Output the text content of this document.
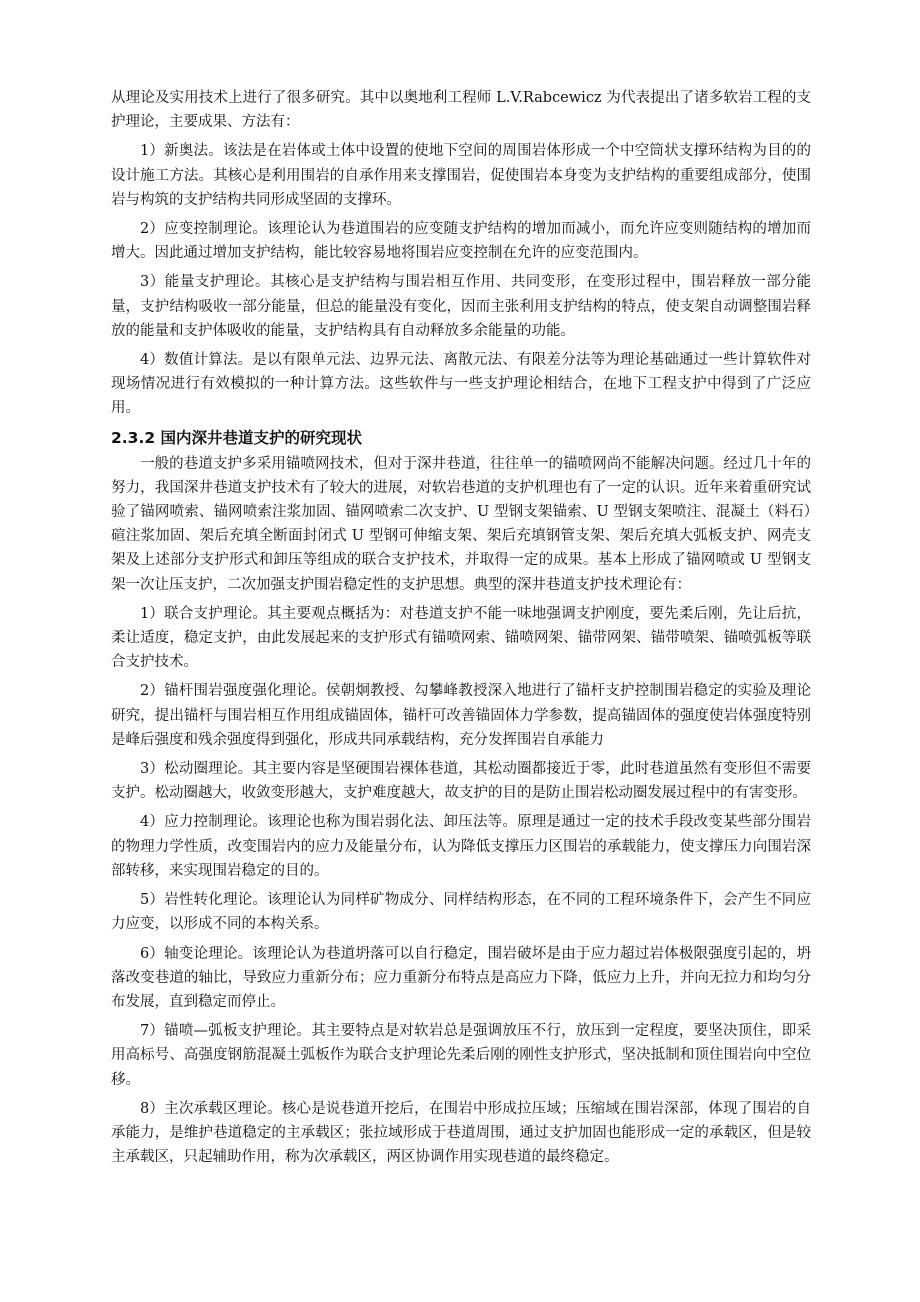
从理论及实用技术上进行了很多研究。其中以奥地利工程师 L.V.Rabcewicz 为代表提出了诸多软岩工程的支护理论，主要成果、方法有：

1）新奥法。该法是在岩体或土体中设置的使地下空间的周围岩体形成一个中空筒状支撑环结构为目的的设计施工方法。其核心是利用围岩的自承作用来支撑围岩，促使围岩本身变为支护结构的重要组成部分，使围岩与构筑的支护结构共同形成坚固的支撑环。

2）应变控制理论。该理论认为巷道围岩的应变随支护结构的增加而减小，而允许应变则随结构的增加而增大。因此通过增加支护结构，能比较容易地将围岩应变控制在允许的应变范围内。

3）能量支护理论。其核心是支护结构与围岩相互作用、共同变形，在变形过程中，围岩释放一部分能量，支护结构吸收一部分能量，但总的能量没有变化，因而主张利用支护结构的特点，使支架自动调整围岩释放的能量和支护体吸收的能量，支护结构具有自动释放多余能量的功能。

4）数值计算法。是以有限单元法、边界元法、离散元法、有限差分法等为理论基础通过一些计算软件对现场情况进行有效模拟的一种计算方法。这些软件与一些支护理论相结合，在地下工程支护中得到了广泛应用。

2.3.2 国内深井巷道支护的研究现状

一般的巷道支护多采用锚喷网技术，但对于深井巷道，往往单一的锚喷网尚不能解决问题。经过几十年的努力，我国深井巷道支护技术有了较大的进展，对软岩巷道的支护机理也有了一定的认识。近年来着重研究试验了锚网喷索、锚网喷索注浆加固、锚网喷索二次支护、U 型钢支架锚索、U 型钢支架喷注、混凝土（料石）碹注浆加固、架后充填全断面封闭式 U 型钢可伸缩支架、架后充填钢管支架、架后充填大弧板支护、网壳支架及上述部分支护形式和卸压等组成的联合支护技术，并取得一定的成果。基本上形成了锚网喷或 U 型钢支架一次让压支护，二次加强支护围岩稳定性的支护思想。典型的深井巷道支护技术理论有：

1）联合支护理论。其主要观点概括为：对巷道支护不能一味地强调支护刚度，要先柔后刚，先让后抗，柔让适度，稳定支护，由此发展起来的支护形式有锚喷网索、锚喷网架、锚带网架、锚带喷架、锚喷弧板等联合支护技术。

2）锚杆围岩强度强化理论。侯朝炯教授、勾攀峰教授深入地进行了锚杆支护控制围岩稳定的实验及理论研究，提出锚杆与围岩相互作用组成锚固体，锚杆可改善锚固体力学参数，提高锚固体的强度使岩体强度特别是峰后强度和残余强度得到强化，形成共同承载结构，充分发挥围岩自承能力

3）松动圈理论。其主要内容是坚硬围岩裸体巷道，其松动圈都接近于零，此时巷道虽然有变形但不需要支护。松动圈越大，收敛变形越大，支护难度越大，故支护的目的是防止围岩松动圈发展过程中的有害变形。

4）应力控制理论。该理论也称为围岩弱化法、卸压法等。原理是通过一定的技术手段改变某些部分围岩的物理力学性质，改变围岩内的应力及能量分布，认为降低支撑压力区围岩的承载能力，使支撑压力向围岩深部转移，来实现围岩稳定的目的。

5）岩性转化理论。该理论认为同样矿物成分、同样结构形态，在不同的工程环境条件下，会产生不同应力应变，以形成不同的本构关系。

6）轴变论理论。该理论认为巷道坍落可以自行稳定，围岩破坏是由于应力超过岩体极限强度引起的，坍落改变巷道的轴比，导致应力重新分布；应力重新分布特点是高应力下降，低应力上升，并向无拉力和均匀分布发展，直到稳定而停止。

7）锚喷—弧板支护理论。其主要特点是对软岩总是强调放压不行，放压到一定程度，要坚决顶住，即采用高标号、高强度钢筋混凝土弧板作为联合支护理论先柔后刚的刚性支护形式，坚决抵制和顶住围岩向中空位移。

8）主次承载区理论。核心是说巷道开挖后，在围岩中形成拉压域；压缩域在围岩深部，体现了围岩的自承能力，是维护巷道稳定的主承载区；张拉域形成于巷道周围，通过支护加固也能形成一定的承载区，但是较主承载区，只起辅助作用，称为次承载区，两区协调作用实现巷道的最终稳定。
